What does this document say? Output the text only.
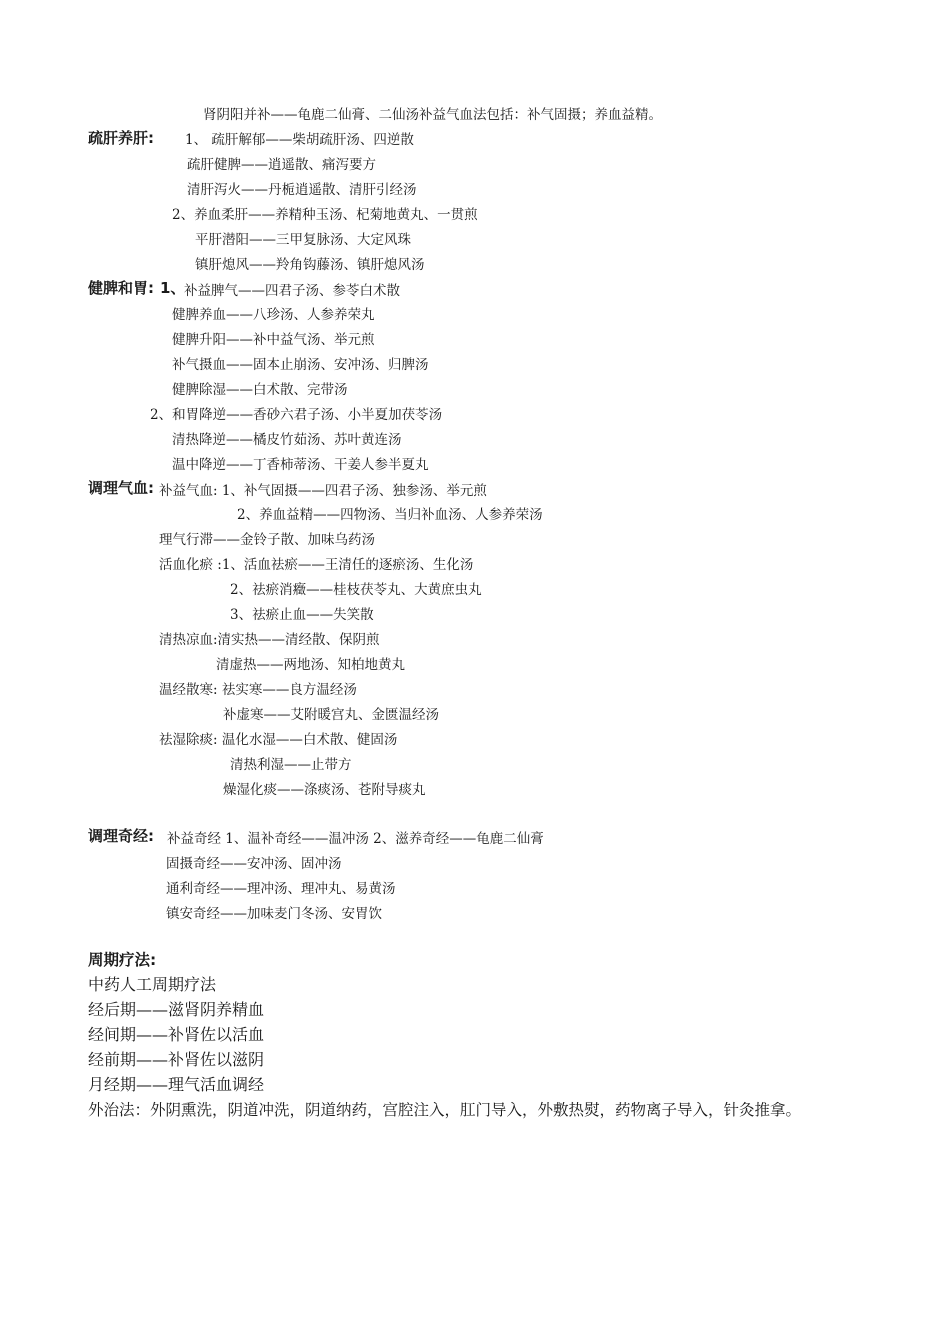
肾阴阳并补——龟鹿二仙膏、二仙汤补益气血法包括：补气固摄；养血益精。
疏肝养肝: 1、 疏肝解郁——柴胡疏肝汤、四逆散
疏肝健脾——逍遥散、痛泻要方
清肝泻火——丹栀逍遥散、清肝引经汤
2、养血柔肝——养精种玉汤、杞菊地黄丸、一贯煎
平肝潜阳——三甲复脉汤、大定风珠
镇肝熄风——羚角钩藤汤、镇肝熄风汤
健脾和胃: 1、
补益脾气——四君子汤、参苓白术散
健脾养血——八珍汤、人参养荣丸
健脾升阳——补中益气汤、举元煎
补气摄血——固本止崩汤、安冲汤、归脾汤
健脾除湿——白术散、完带汤
2、和胃降逆——香砂六君子汤、小半夏加茯苓汤
清热降逆——橘皮竹茹汤、苏叶黄连汤
温中降逆——丁香柿蒂汤、干姜人参半夏丸
调理气血: 补益气血: 1、补气固摄——四君子汤、独参汤、举元煎
2、养血益精——四物汤、当归补血汤、人参养荣汤
理气行滞——金铃子散、加味乌药汤
活血化瘀 :1、活血祛瘀——王清任的逐瘀汤、生化汤
2、祛瘀消癥——桂枝茯苓丸、大黄庶虫丸
3、祛瘀止血——失笑散
清热凉血:清实热——清经散、保阴煎
清虚热——两地汤、知柏地黄丸
温经散寒: 祛实寒——良方温经汤
补虚寒——艾附暖宫丸、金匮温经汤
祛湿除痰: 温化水湿——白术散、健固汤
清热利湿——止带方
燥湿化痰——涤痰汤、苍附导痰丸
调理奇经: 补益奇经 1、温补奇经——温冲汤 2、滋养奇经——龟鹿二仙膏
固摄奇经——安冲汤、固冲汤
通利奇经——理冲汤、理冲丸、易黄汤
镇安奇经——加味麦门冬汤、安胃饮
周期疗法:
中药人工周期疗法
经后期——滋肾阴养精血
经间期——补肾佐以活血
经前期——补肾佐以滋阴
月经期——理气活血调经
外治法：外阴熏洗，阴道冲洗，阴道纳药，宫腔注入，肛门导入，外敷热熨，药物离子导入，针灸推拿。
